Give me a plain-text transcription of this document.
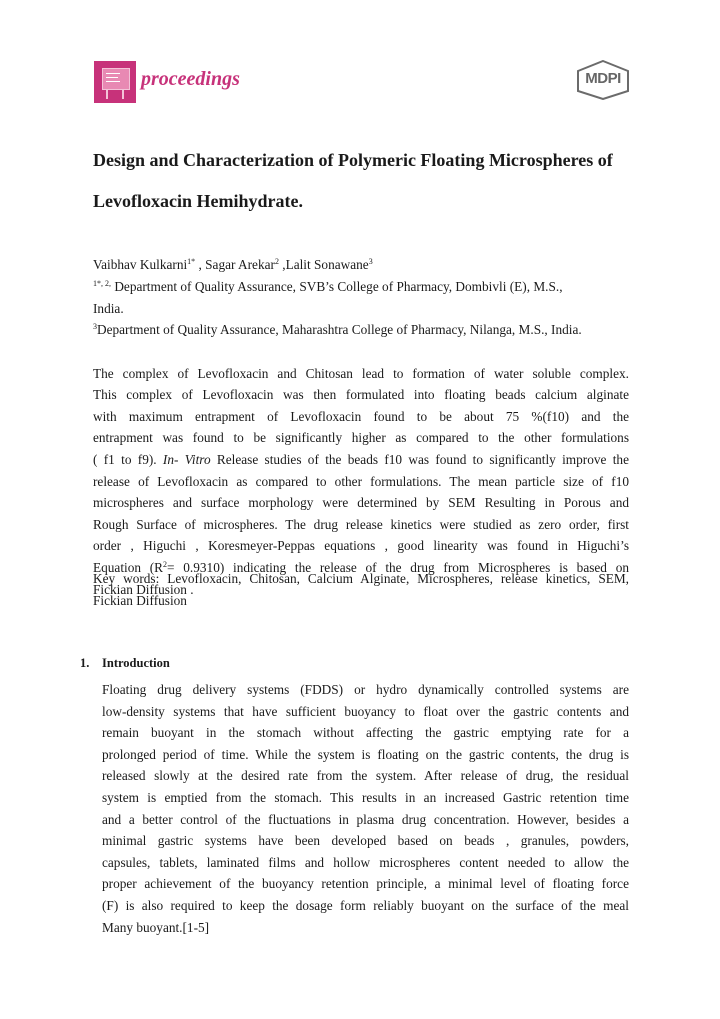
proceedings	MDPI
Design and Characterization of Polymeric Floating Microspheres of
Levofloxacin Hemihydrate.
Vaibhav Kulkarni$^{1*}$ , Sagar Arekar$^2$ ,Lalit Sonawane$^3$
$^{1*, 2,}$ Department of Quality Assurance, SVB’s College of Pharmacy, Dombivli (E), M.S.,
India.
$^3$Department of Quality Assurance, Maharashtra College of Pharmacy, Nilanga, M.S., India.
The complex of Levofloxacin and Chitosan lead to formation of water soluble complex.
This complex of Levofloxacin was then formulated into floating beads calcium alginate
with maximum entrapment of Levofloxacin found to be about 75 %(f10) and the
entrapment was found to be significantly higher as compared to the other formulations
( f1 to f9). In- Vitro Release studies of the beads f10 was found to significantly improve the
release of Levofloxacin as compared to other formulations. The mean particle size of f10
microspheres and surface morphology were determined by SEM Resulting in Porous and
Rough Surface of microspheres. The drug release kinetics were studied as zero order, first
order , Higuchi , Koresmeyer-Peppas equations , good linearity was found in Higuchi’s
Equation $(R^2= 0.9310)$ indicating the release of the drug from Microspheres is based on
Fickian Diffusion .
Key words: Levofloxacin, Chitosan, Calcium Alginate, Microspheres, release kinetics, SEM,
Fickian Diffusion
1. Introduction
Floating drug delivery systems (FDDS) or hydro dynamically controlled systems are
low-density systems that have sufficient buoyancy to float over the gastric contents and
remain buoyant in the stomach without affecting the gastric emptying rate for a
prolonged period of time. While the system is floating on the gastric contents, the drug is
released slowly at the desired rate from the system. After release of drug, the residual
system is emptied from the stomach. This results in an increased Gastric retention time
and a better control of the fluctuations in plasma drug concentration. However, besides a
minimal gastric systems have been developed based on beads , granules, powders,
capsules, tablets, laminated films and hollow microspheres content needed to allow the
proper achievement of the buoyancy retention principle, a minimal level of floating force
(F) is also required to keep the dosage form reliably buoyant on the surface of the meal
Many buoyant.[1-5]
